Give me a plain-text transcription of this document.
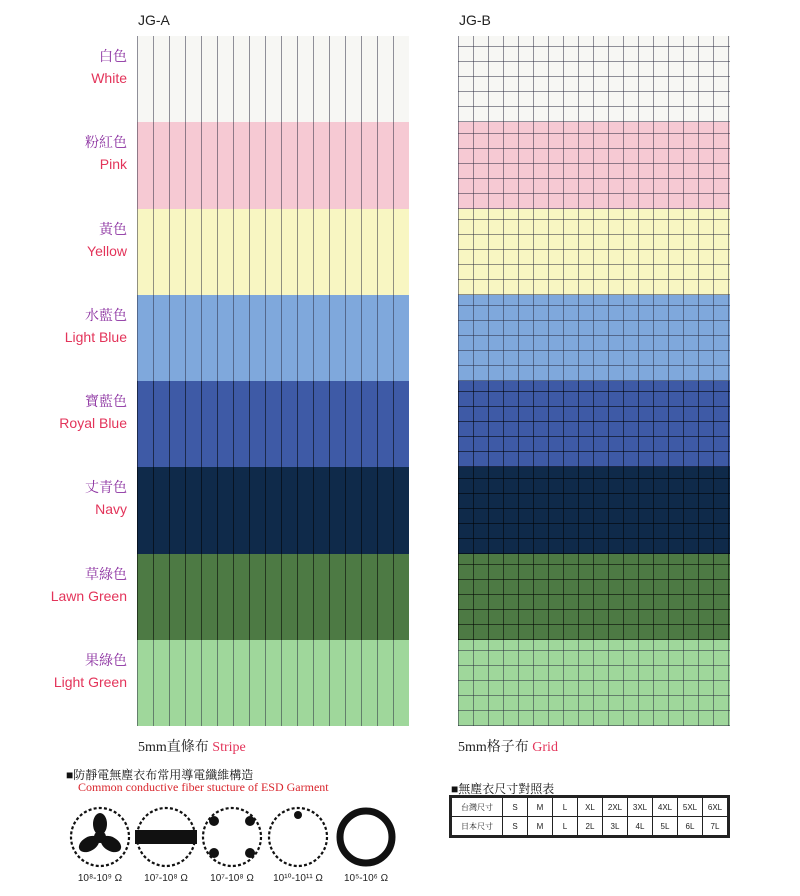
JG-A	JG-B
白色
White
粉紅色
Pink
黃色
Yellow
水藍色
Light Blue
寶藍色
Royal Blue
丈青色
Navy
草綠色
Lawn Green
果綠色
Light Green
5mm直條布 Stripe	5mm格子布 Grid
■防靜電無塵衣布常用導電纖維構造
Common conductive fiber stucture of ESD Garment
10⁸-10⁹ Ω	10⁷-10⁸ Ω	10⁷-10⁸ Ω	10¹⁰-10¹¹ Ω	10⁵-10⁶ Ω
■無塵衣尺寸對照表
台灣尺寸	S	M	L	XL	2XL	3XL	4XL	5XL	6XL
日本尺寸	S	M	L	2L	3L	4L	5L	6L	7L
